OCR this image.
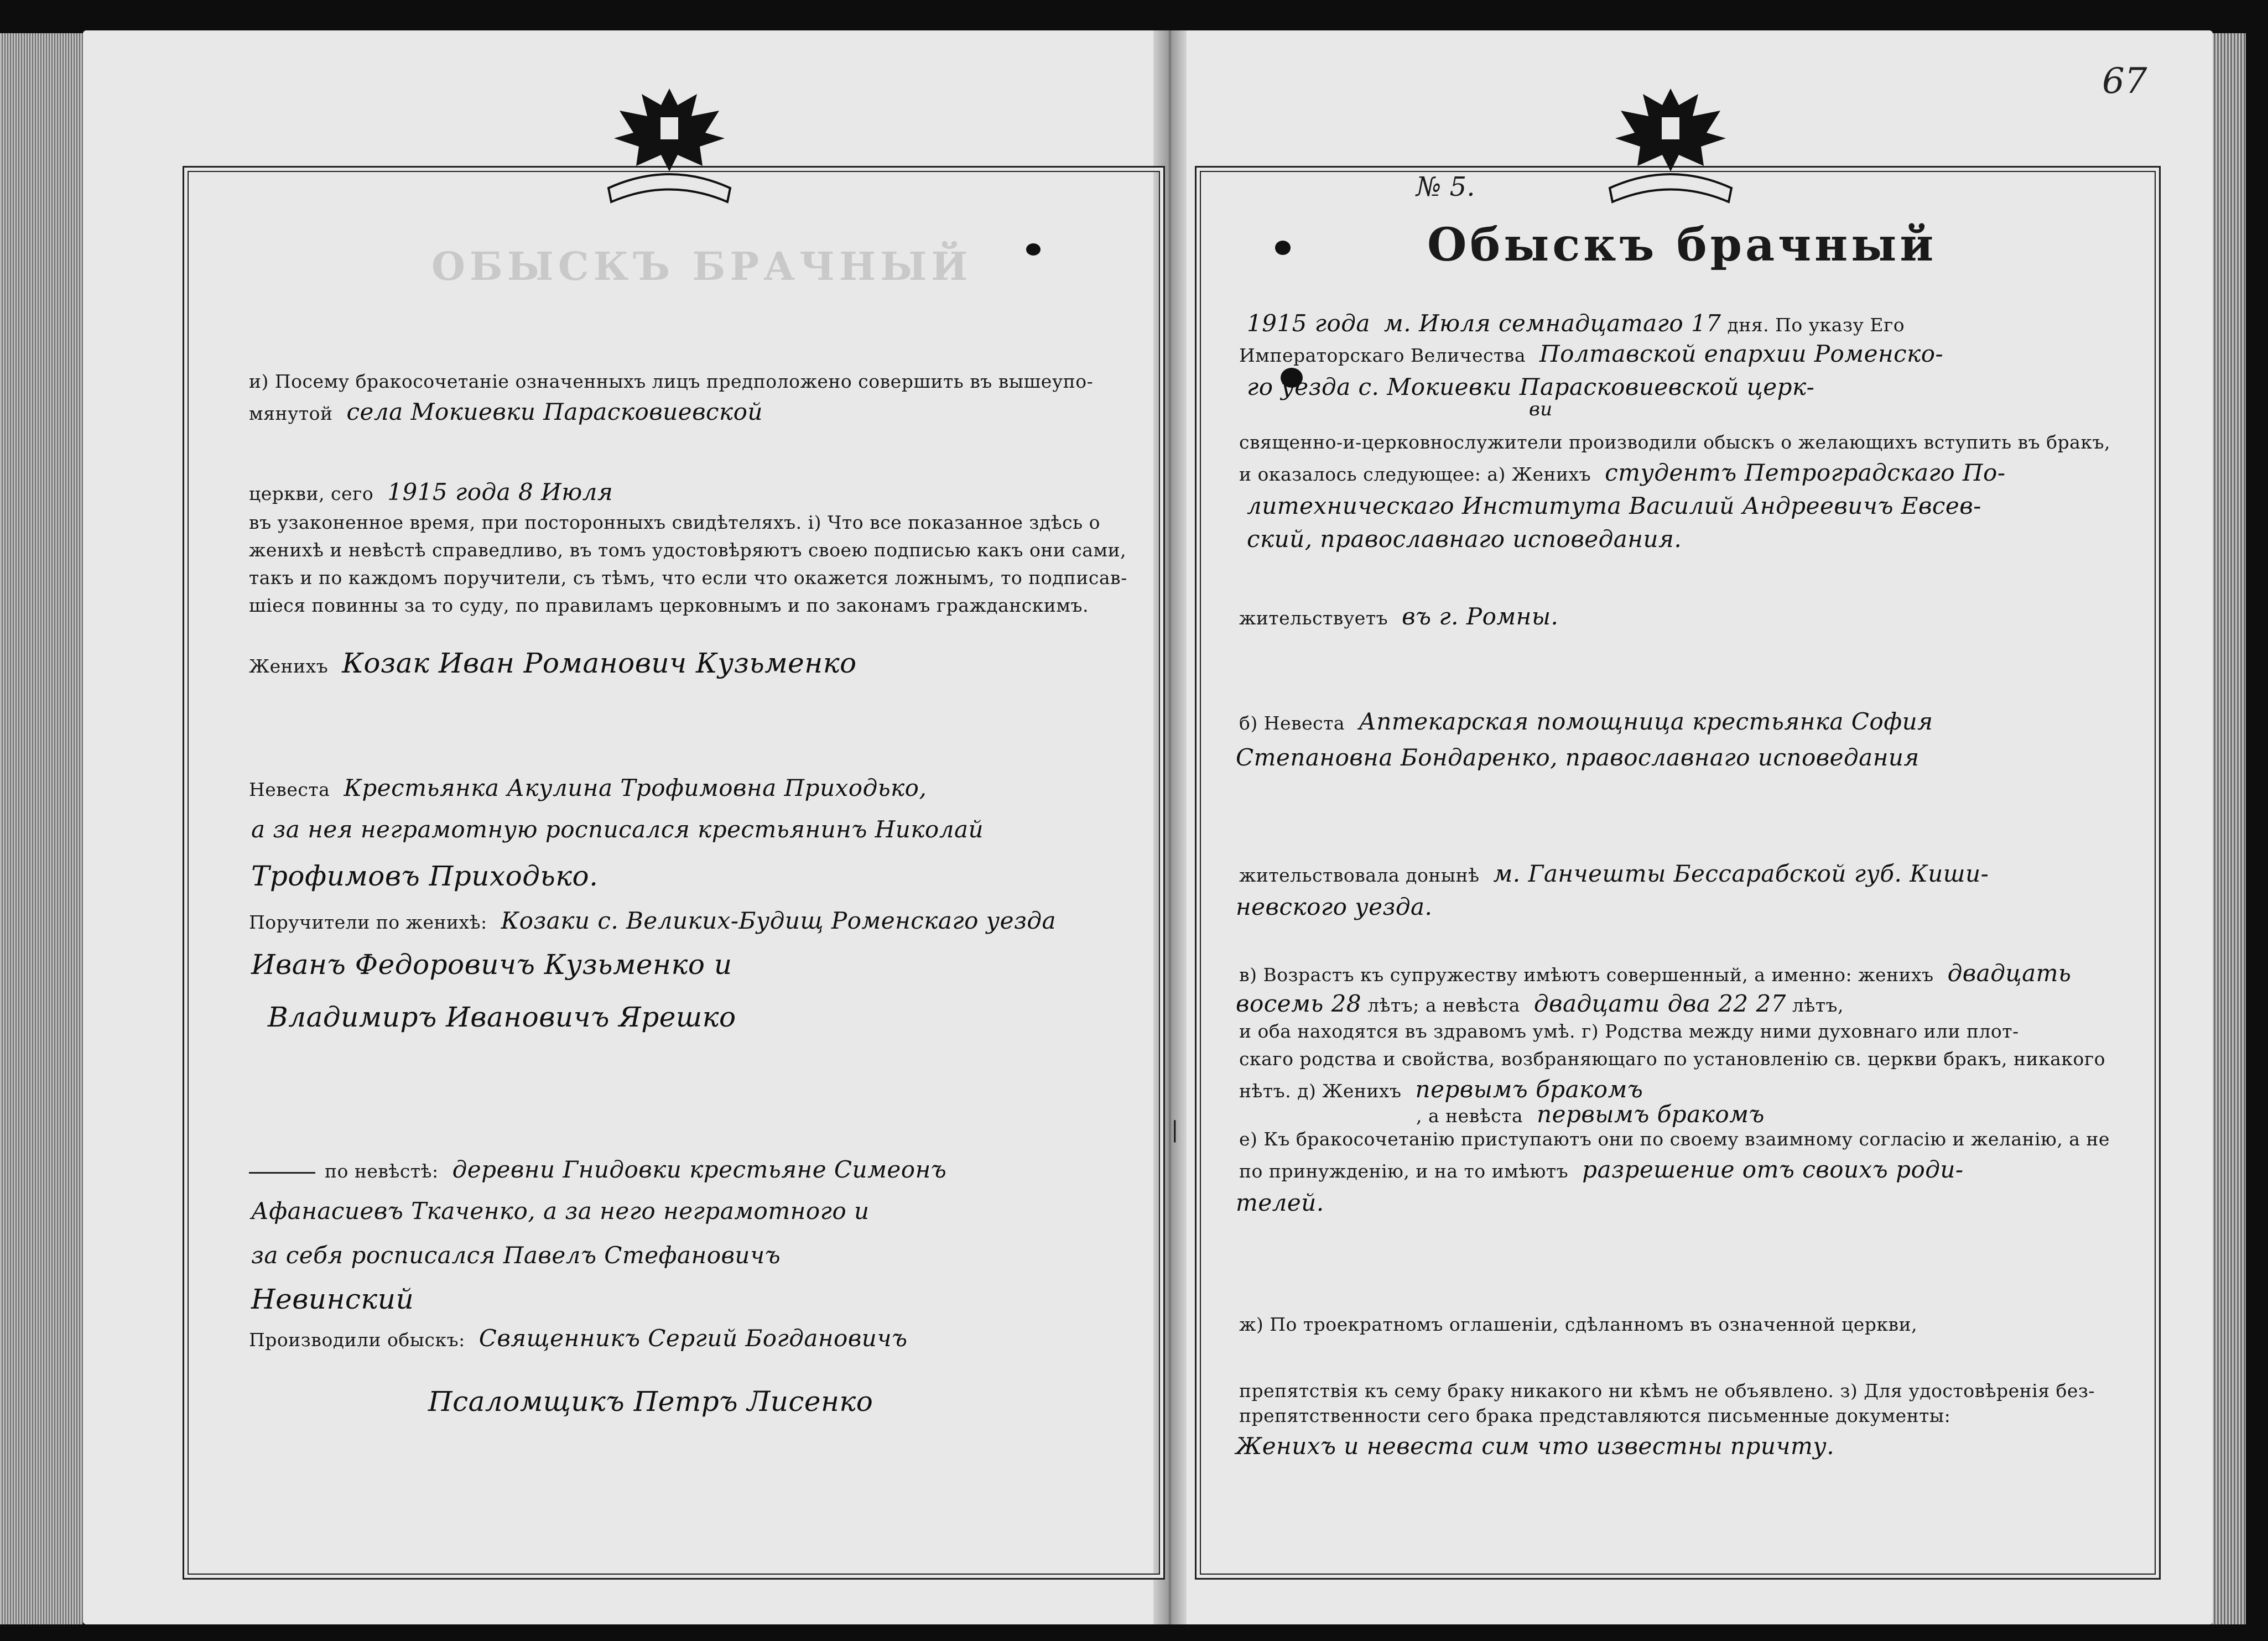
ОБЫСКЪ БРАЧНЫЙ
67
№ 5.
Обыскъ брачный
1915 года м. Июля семнадцатаго 17 дня. По указу Его
Императорскаго Величества Полтавской епархии Роменско-
го уезда с. Мокиевки Парасковиевской церк-
ви
священно-и-церковнослужители производили обыскъ о желающихъ вступить въ бракъ,
и оказалось следующее: а) Женихъ студентъ Петроградскаго По-
литехническаго Института Василий Андреевичъ Евсев-
ский, православнаго исповедания.
жительствуетъ въ г. Ромны.
б) Невеста Аптекарская помощница крестьянка София
Степановна Бондаренко, православнаго исповедания
жительствовала донынѣ м. Ганчешты Бессарабской губ. Киши-
невского уезда.
в) Возрастъ къ супружеству имѣютъ совершенный, а именно: женихъ двадцать
восемь 28 лѣтъ; а невѣста двадцати два 22 27 лѣтъ,
и оба находятся въ здравомъ умѣ. г) Родства между ними духовнаго или плот-
скаго родства и свойства, возбраняющаго по установленію св. церкви бракъ, никакого
нѣтъ. д) Женихъ первымъ бракомъ
, а невѣста первымъ бракомъ
|	е) Къ бракосочетанію приступаютъ они по своему взаимному согласію и желанію, а не
по принужденію, и на то имѣютъ разрешение отъ своихъ роди-
телей.
ж) По троекратномъ оглашеніи, сдѣланномъ въ означенной церкви,
препятствія къ сему браку никакого ни кѣмъ не объявлено. з) Для удостовѣренія без-
препятственности сего брака представляются письменные документы:
Женихъ и невеста сим что известны причту.
и) Посему бракосочетаніе означенныхъ лицъ предположено совершить въ вышеупо-
мянутой села Мокиевки Парасковиевской
церкви, сего 1915 года 8 Июля
въ узаконенное время, при посторонныхъ свидѣтеляхъ. і) Что все показанное здѣсь о
женихѣ и невѣстѣ справедливо, въ томъ удостовѣряютъ своею подписью какъ они сами,
такъ и по каждомъ поручители, съ тѣмъ, что если что окажется ложнымъ, то подписав-
шіеся повинны за то суду, по правиламъ церковнымъ и по законамъ гражданскимъ.
Женихъ Козак Иван Романович Кузьменко
Невеста Крестьянка Акулина Трофимовна Приходько,
а за нея неграмотную росписался крестьянинъ Николай
Трофимовъ Приходько.
Поручители по женихѣ: Козаки с. Великих-Будищ Роменскаго уезда
Иванъ Федоровичъ Кузьменко и
Владимиръ Ивановичъ Ярешко
по невѣстѣ: деревни Гнидовки крестьяне Симеонъ
Афанасиевъ Ткаченко, а за него неграмотного и
за себя росписался Павелъ Стефановичъ
Невинский
Производили обыскъ: Священникъ Сергий Богдановичъ
Псаломщикъ Петръ Лисенко
